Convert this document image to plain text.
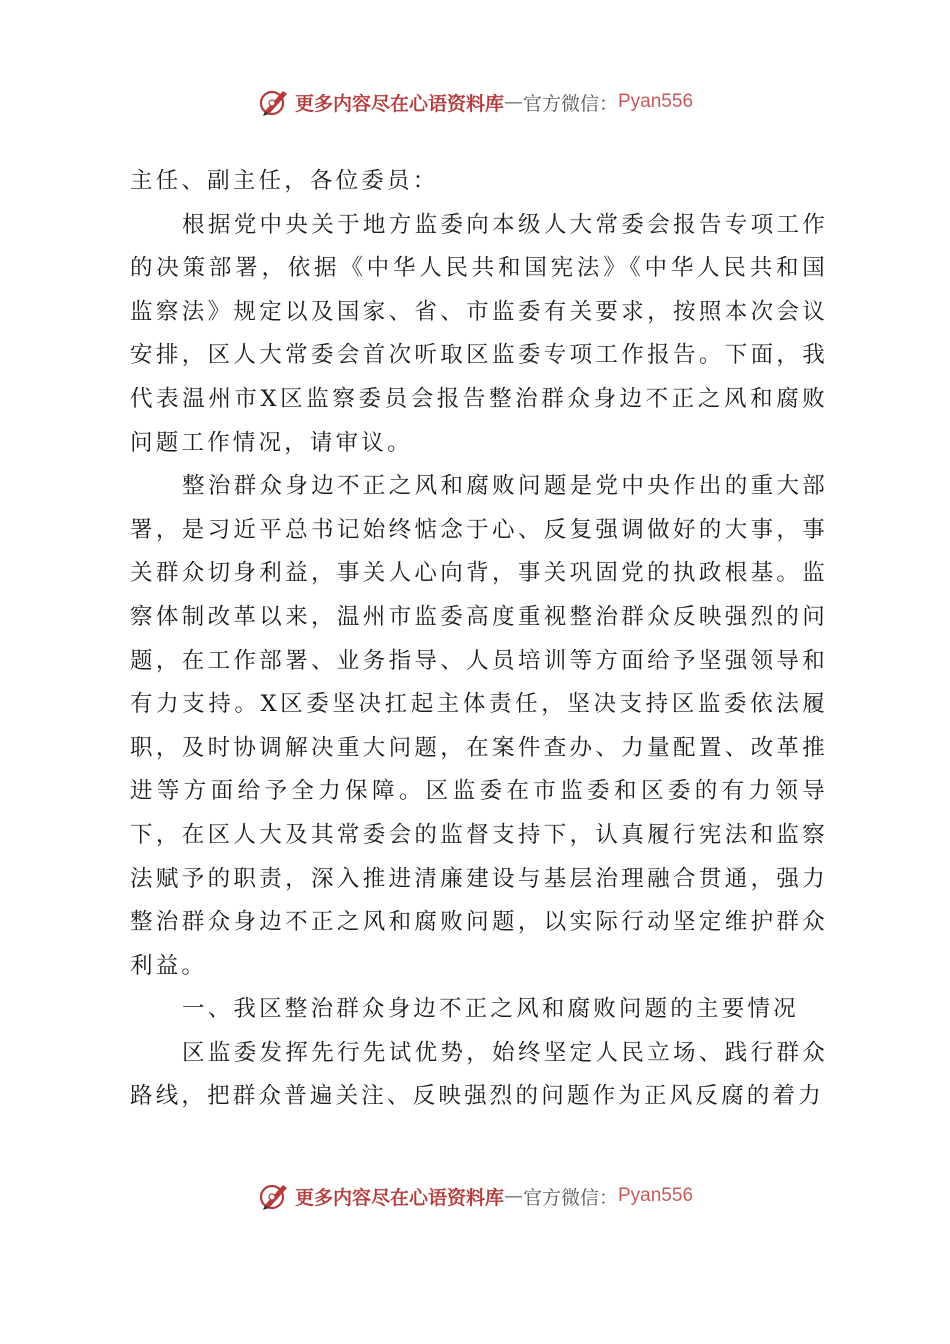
更多内容尽在心语资料库 — 官方微信： Pyan556

主任、副主任，各位委员：

根据党中央关于地方监委向本级人大常委会报告专项工作的决策部署，依据《中华人民共和国宪法》《中华人民共和国监察法》规定以及国家、省、市监委有关要求，按照本次会议安排，区人大常委会首次听取区监委专项工作报告。下面，我代表温州市X区监察委员会报告整治群众身边不正之风和腐败问题工作情况，请审议。

整治群众身边不正之风和腐败问题是党中央作出的重大部署，是习近平总书记始终惦念于心、反复强调做好的大事，事关群众切身利益，事关人心向背，事关巩固党的执政根基。监察体制改革以来，温州市监委高度重视整治群众反映强烈的问题，在工作部署、业务指导、人员培训等方面给予坚强领导和有力支持。X区委坚决扛起主体责任，坚决支持区监委依法履职，及时协调解决重大问题，在案件查办、力量配置、改革推进等方面给予全力保障。区监委在市监委和区委的有力领导下，在区人大及其常委会的监督支持下，认真履行宪法和监察法赋予的职责，深入推进清廉建设与基层治理融合贯通，强力整治群众身边不正之风和腐败问题，以实际行动坚定维护群众利益。

一、我区整治群众身边不正之风和腐败问题的主要情况

区监委发挥先行先试优势，始终坚定人民立场、践行群众路线，把群众普遍关注、反映强烈的问题作为正风反腐的着力

更多内容尽在心语资料库 — 官方微信： Pyan556
